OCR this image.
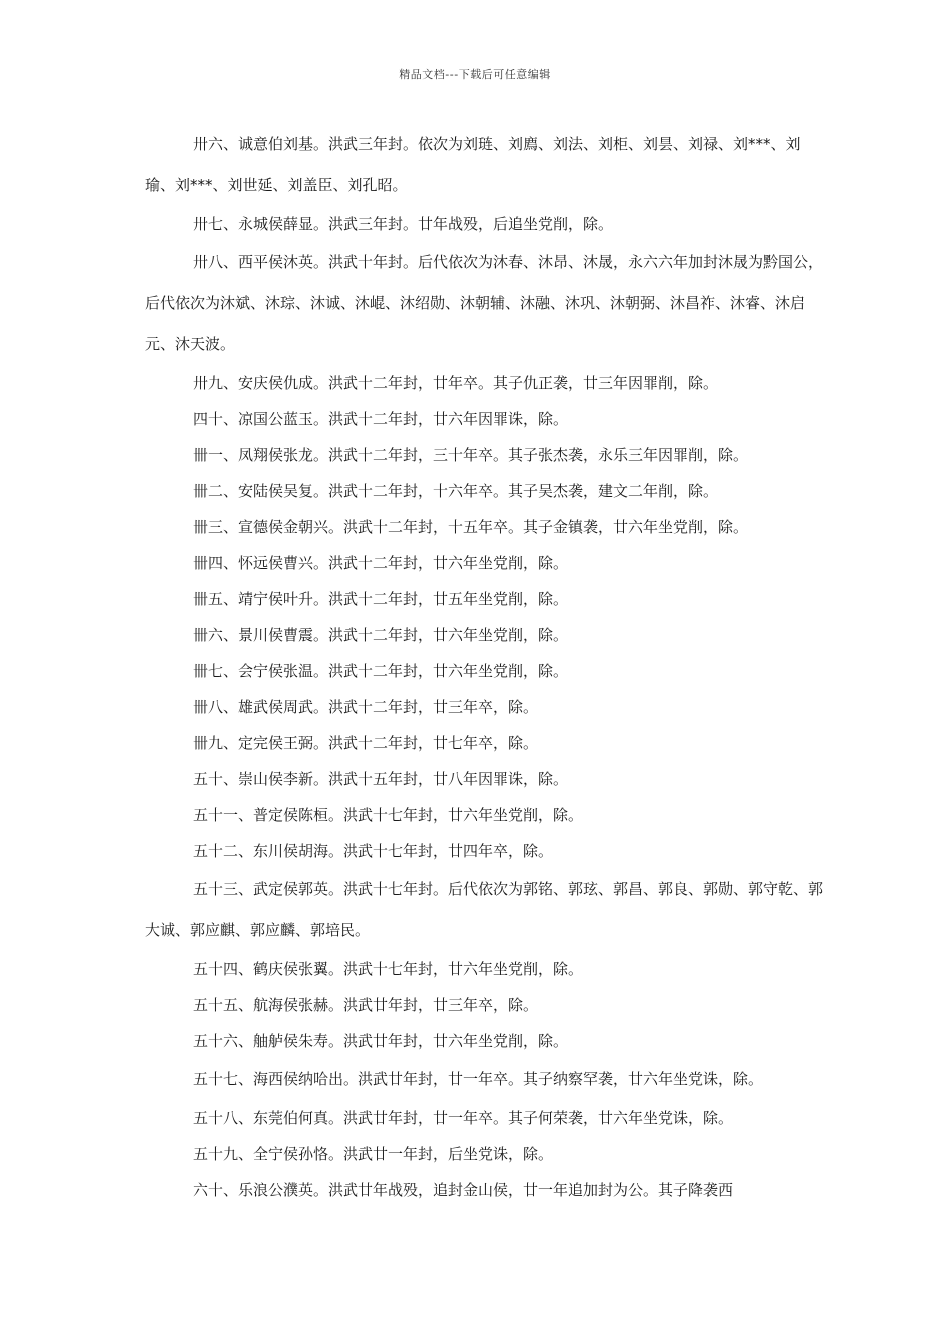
精品文档---下载后可任意编辑

卅六、诚意伯刘基。洪武三年封。依次为刘琏、刘廌、刘法、刘柜、刘昙、刘禄、刘***、刘瑜、刘***、刘世延、刘盖臣、刘孔昭。

卅七、永城侯薛显。洪武三年封。廿年战殁，后追坐党削，除。

卅八、西平侯沐英。洪武十年封。后代依次为沐春、沐昂、沐晟，永六六年加封沐晟为黔国公，后代依次为沐斌、沐琮、沐诚、沐崐、沐绍勋、沐朝辅、沐融、沐巩、沐朝弼、沐昌祚、沐睿、沐启元、沐天波。

卅九、安庆侯仇成。洪武十二年封，廿年卒。其子仇正袭，廿三年因罪削，除。

四十、凉国公蓝玉。洪武十二年封，廿六年因罪诛，除。

卌一、凤翔侯张龙。洪武十二年封，三十年卒。其子张杰袭，永乐三年因罪削，除。

卌二、安陆侯吴复。洪武十二年封，十六年卒。其子吴杰袭，建文二年削，除。

卌三、宣德侯金朝兴。洪武十二年封，十五年卒。其子金镇袭，廿六年坐党削，除。

卌四、怀远侯曹兴。洪武十二年封，廿六年坐党削，除。

卌五、靖宁侯叶升。洪武十二年封，廿五年坐党削，除。

卌六、景川侯曹震。洪武十二年封，廿六年坐党削，除。

卌七、会宁侯张温。洪武十二年封，廿六年坐党削，除。

卌八、雄武侯周武。洪武十二年封，廿三年卒，除。

卌九、定完侯王弼。洪武十二年封，廿七年卒，除。

五十、崇山侯李新。洪武十五年封，廿八年因罪诛，除。

五十一、普定侯陈桓。洪武十七年封，廿六年坐党削，除。

五十二、东川侯胡海。洪武十七年封，廿四年卒，除。

五十三、武定侯郭英。洪武十七年封。后代依次为郭铭、郭玹、郭昌、郭良、郭勋、郭守乾、郭大诚、郭应麒、郭应麟、郭培民。

五十四、鹤庆侯张翼。洪武十七年封，廿六年坐党削，除。

五十五、航海侯张赫。洪武廿年封，廿三年卒，除。

五十六、舳舻侯朱寿。洪武廿年封，廿六年坐党削，除。

五十七、海西侯纳哈出。洪武廿年封，廿一年卒。其子纳察罕袭，廿六年坐党诛，除。

五十八、东莞伯何真。洪武廿年封，廿一年卒。其子何荣袭，廿六年坐党诛，除。

五十九、全宁侯孙恪。洪武廿一年封，后坐党诛，除。

六十、乐浪公濮英。洪武廿年战殁，追封金山侯，廿一年追加封为公。其子降袭西
